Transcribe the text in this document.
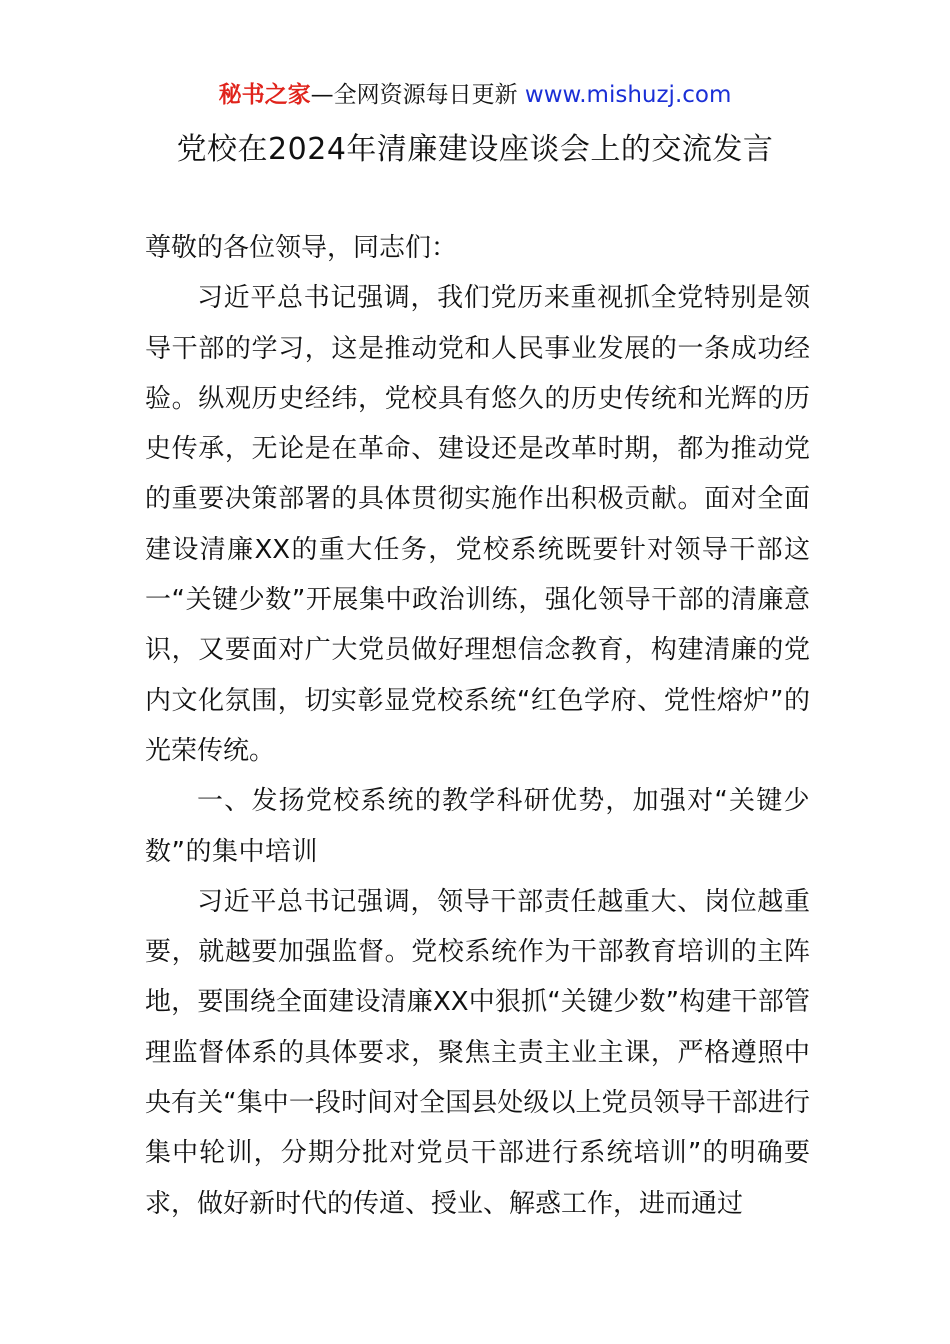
秘书之家—全网资源每日更新 www.mishuzj.com
党校在2024年清廉建设座谈会上的交流发言

尊敬的各位领导，同志们：

习近平总书记强调，我们党历来重视抓全党特别是领导干部的学习，这是推动党和人民事业发展的一条成功经验。纵观历史经纬，党校具有悠久的历史传统和光辉的历史传承，无论是在革命、建设还是改革时期，都为推动党的重要决策部署的具体贯彻实施作出积极贡献。面对全面建设清廉XX的重大任务，党校系统既要针对领导干部这一“关键少数”开展集中政治训练，强化领导干部的清廉意识，又要面对广大党员做好理想信念教育，构建清廉的党内文化氛围，切实彰显党校系统“红色学府、党性熔炉”的光荣传统。

一、发扬党校系统的教学科研优势，加强对“关键少数”的集中培训

习近平总书记强调，领导干部责任越重大、岗位越重要，就越要加强监督。党校系统作为干部教育培训的主阵地，要围绕全面建设清廉XX中狠抓“关键少数”构建干部管理监督体系的具体要求，聚焦主责主业主课，严格遵照中央有关“集中一段时间对全国县处级以上党员领导干部进行集中轮训，分期分批对党员干部进行系统培训”的明确要求，做好新时代的传道、授业、解惑工作，进而通过
